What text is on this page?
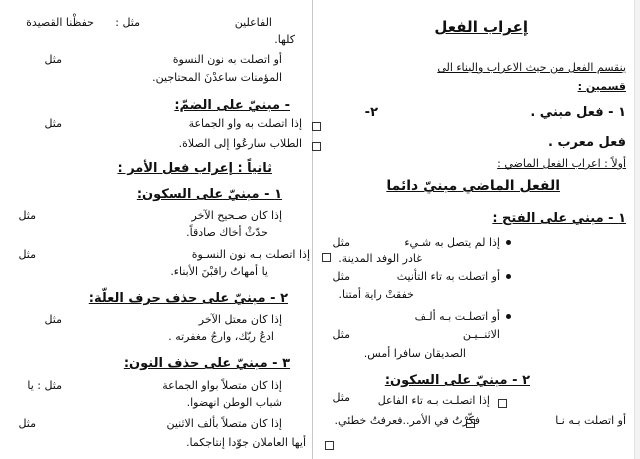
إعراب الفعل
ينقسم الفعل من حيث الاعراب والبناء الى
قسمين :
١ - فعل مبني .
٢-
فعل معرب .
أولاً : اعراب الفعل الماضي :
الفعل الماضي مبنيّ دائما
١ - مبني على الفتح :
إذا لم يتصل به شـيء
مثل
غادر الوفد المدينة.
أو اتصلت به تاء التأنيث
مثل
خفقتْ راية أمتنا.
أو اتصلـت بـه ألـف
الاثنــيـن
مثل
الصديقان سافرا أمس.
٢ - مبنيّ على السكون:
إذا اتصلـت بـه تاء الفاعل
مثل
أو اتصلت بـه نـا
فكّرْتُ في الأمر..فعرفتُ خطئي.
الفاعلين
مثل :
حفظْنا القصيدة
كلها.
أو اتصلت به نون النسوة
مثل
المؤمنات ساعدْنَ المحتاجين.
- مبنيّ على الضمّ:
إذا اتصلت به واو الجماعة
مثل
الطلاب سارعُوا إلى الصلاة.
ثانياً : إعراب فعل الأمر :
١ - مبنيّ على السكون:
إذا كان صـحيح الآخر
مثل
حدّثْ أخاك صادقاً.
إذا اتصلت بـه نون النسـوة
مثل
يا أمهاتُ راقبْنَ الأبناء.
٢ - مبنيّ على حذف حرف العلّة:
إذا كان معتل الآخر
مثل
ادعُ ربّك، وارجُ مغفرته .
٣ - مبنيّ على حذف النون:
إذا كان متصلاً بواو الجماعة
مثل : يا
شباب الوطن انهضوا.
إذا كان متصلاً بألف الاثنين
مثل
أيها العاملان جوّدا إنتاجكما.
